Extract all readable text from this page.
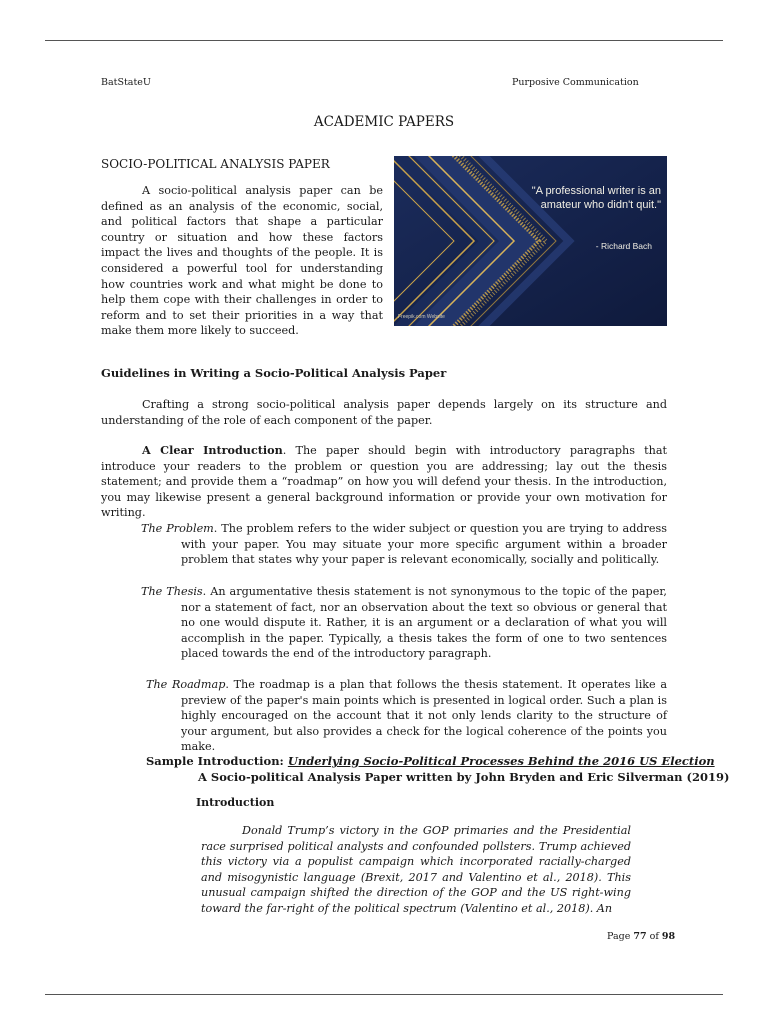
BatStateU	Purposive Communication
ACADEMIC PAPERS
SOCIO-POLITICAL ANALYSIS PAPER

A socio-political analysis paper can be defined as an analysis of the economic, social, and political factors that shape a particular country or situation and how these factors impact the lives and thoughts of the people. It is considered a powerful tool for understanding how countries work and what might be done to help them cope with their challenges in order to reform and to set their priorities in a way that make them more likely to succeed.

"A professional writer is an amateur who didn't quit."
- Richard Bach
Freepik.com Website
Guidelines in Writing a Socio-Political Analysis Paper

Crafting a strong socio-political analysis paper depends largely on its structure and understanding of the role of each component of the paper.

A Clear Introduction. The paper should begin with introductory paragraphs that introduce your readers to the problem or question you are addressing; lay out the thesis statement; and provide them a “roadmap” on how you will defend your thesis. In the introduction, you may likewise present a general background information or provide your own motivation for writing.

The Problem. The problem refers to the wider subject or question you are trying to address with your paper. You may situate your more specific argument within a broader problem that states why your paper is relevant economically, socially and politically.

The Thesis. An argumentative thesis statement is not synonymous to the topic of the paper, nor a statement of fact, nor an observation about the text so obvious or general that no one would dispute it. Rather, it is an argument or a declaration of what you will accomplish in the paper. Typically, a thesis takes the form of one to two sentences placed towards the end of the introductory paragraph.

The Roadmap. The roadmap is a plan that follows the thesis statement. It operates like a preview of the paper's main points which is presented in logical order. Such a plan is highly encouraged on the account that it not only lends clarity to the structure of your argument, but also provides a check for the logical coherence of the points you make.

Sample Introduction: Underlying Socio-Political Processes Behind the 2016 US Election
A Socio-political Analysis Paper written by John Bryden and Eric Silverman (2019)
Introduction

Donald Trump’s victory in the GOP primaries and the Presidential race surprised political analysts and confounded pollsters. Trump achieved this victory via a populist campaign which incorporated racially-charged and misogynistic language (Brexit, 2017 and Valentino et al., 2018). This unusual campaign shifted the direction of the GOP and the US right-wing toward the far-right of the political spectrum (Valentino et al., 2018). An

Page 77 of 98
